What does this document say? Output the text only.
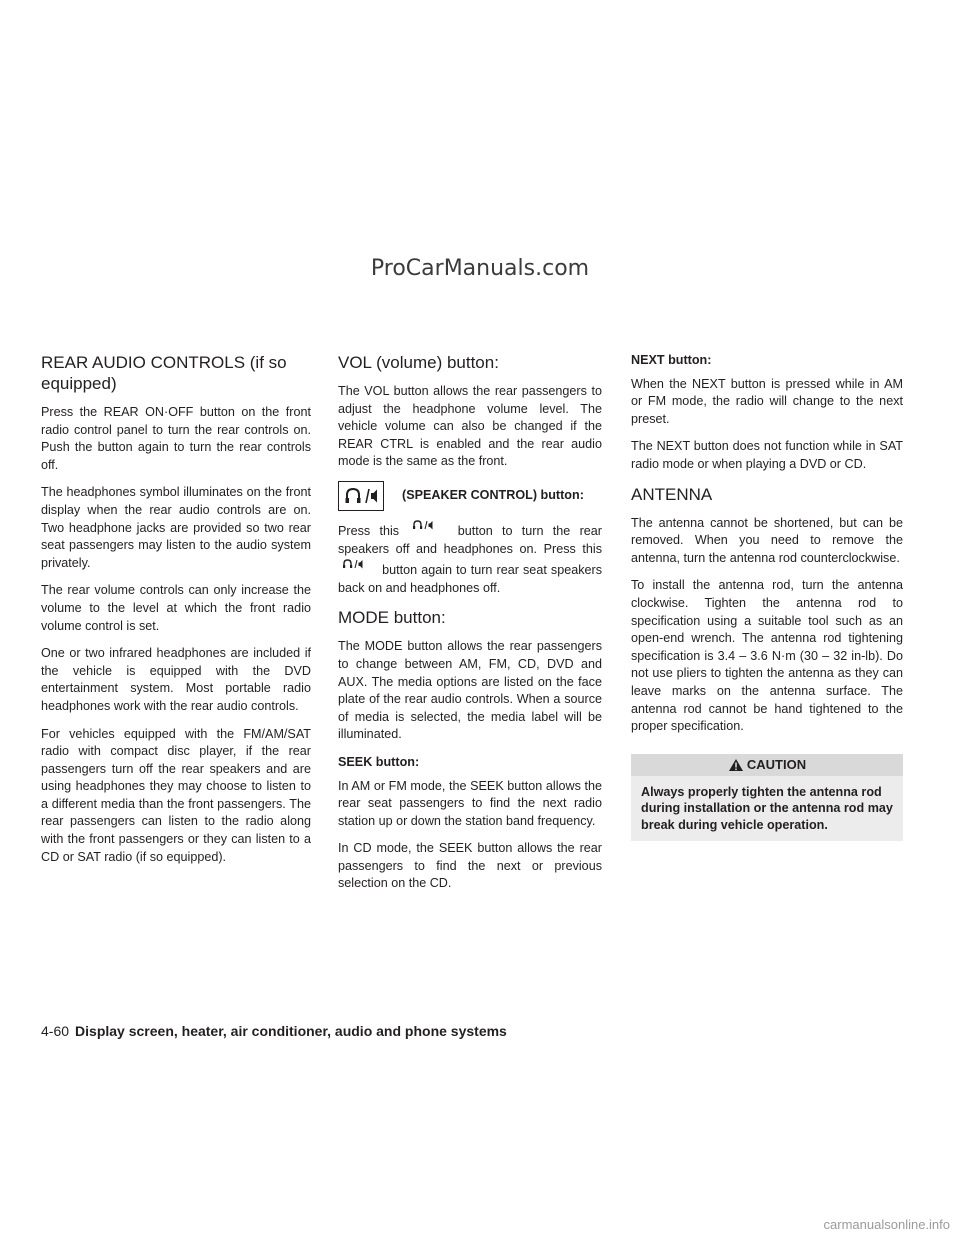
ProCarManuals.com
REAR AUDIO CONTROLS (if so equipped)

Press the REAR ON·OFF button on the front radio control panel to turn the rear controls on. Push the button again to turn the rear controls off.

The headphones symbol illuminates on the front display when the rear audio controls are on. Two headphone jacks are provided so two rear seat passengers may listen to the audio system privately.

The rear volume controls can only increase the volume to the level at which the front radio volume control is set.

One or two infrared headphones are included if the vehicle is equipped with the DVD entertainment system. Most portable radio headphones work with the rear audio controls.

For vehicles equipped with the FM/AM/SAT radio with compact disc player, if the rear passengers turn off the rear speakers and are using headphones they may choose to listen to a different media than the front passengers. The rear passengers can listen to the radio along with the front passengers or they can listen to a CD or SAT radio (if so equipped).

VOL (volume) button:

The VOL button allows the rear passengers to adjust the headphone volume level. The vehicle volume can also be changed if the REAR CTRL is enabled and the rear audio mode is the same as the front.

(SPEAKER CONTROL) button:

Press this	button to turn the rear speakers off and headphones on. Press this  button again to turn rear seat speakers back on and headphones off.

MODE button:

The MODE button allows the rear passengers to change between AM, FM, CD, DVD and AUX. The media options are listed on the face plate of the rear audio controls. When a source of media is selected, the media label will be illuminated.

SEEK button:

In AM or FM mode, the SEEK button allows the rear seat passengers to find the next radio station up or down the station band frequency.

In CD mode, the SEEK button allows the rear passengers to find the next or previous selection on the CD.

NEXT button:

When the NEXT button is pressed while in AM or FM mode, the radio will change to the next preset.

The NEXT button does not function while in SAT radio mode or when playing a DVD or CD.

ANTENNA

The antenna cannot be shortened, but can be removed. When you need to remove the antenna, turn the antenna rod counterclockwise.

To install the antenna rod, turn the antenna clockwise. Tighten the antenna rod to specification using a suitable tool such as an open-end wrench. The antenna rod tightening specification is 3.4 – 3.6 N·m (30 – 32 in-lb). Do not use pliers to tighten the antenna as they can leave marks on the antenna surface. The antenna rod cannot be hand tightened to the proper specification.

CAUTION
Always properly tighten the antenna rod during installation or the antenna rod may break during vehicle operation.
4-60 Display screen, heater, air conditioner, audio and phone systems
carmanualsonline.info
